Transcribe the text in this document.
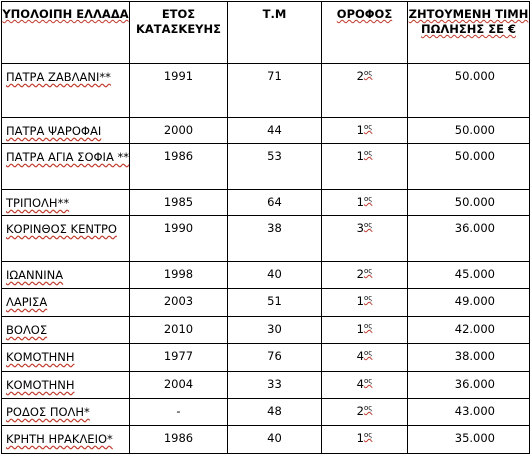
ΥΠΟΛΟΙΠΗ ΕΛΛΑΔΑ	ΕΤΟΣ ΚΑΤΑΣΚΕΥΗΣ	Τ.Μ	ΟΡΟΦΟΣ	ΖΗΤΟΥΜΕΝΗ ΤΙΜΗ ΠΩΛΗΣΗΣ ΣΕ €
ΠΑΤΡΑ ΖΑΒΛΑΝΙ**	1991	71	$2^{o\varsigma}$	50.000
ΠΑΤΡΑ ΨΑΡΟΦΑΙ	2000	44	$1^{o\varsigma}$	50.000
ΠΑΤΡΑ ΑΓΙΑ ΣΟΦΙΑ **	1986	53	$1^{o\varsigma}$	50.000
ΤΡΙΠΟΛΗ**	1985	64	$1^{o\varsigma}$	50.000
ΚΟΡΙΝΘΟΣ ΚΕΝΤΡΟ	1990	38	$3^{o\varsigma}$	36.000
ΙΩΑΝΝΙΝΑ	1998	40	$2^{o\varsigma}$	45.000
ΛΑΡΙΣΑ	2003	51	$1^{o\varsigma}$	49.000
ΒΟΛΟΣ	2010	30	$1^{o\varsigma}$	42.000
ΚΟΜΟΤΗΝΗ	1977	76	$4^{o\varsigma}$	38.000
ΚΟΜΟΤΗΝΗ	2004	33	$4^{o\varsigma}$	36.000
ΡΟΔΟΣ ΠΟΛΗ*	-	48	$2^{o\varsigma}$	43.000
ΚΡΗΤΗ ΗΡΑΚΛΕΙΟ*	1986	40	$1^{o\varsigma}$	35.000
